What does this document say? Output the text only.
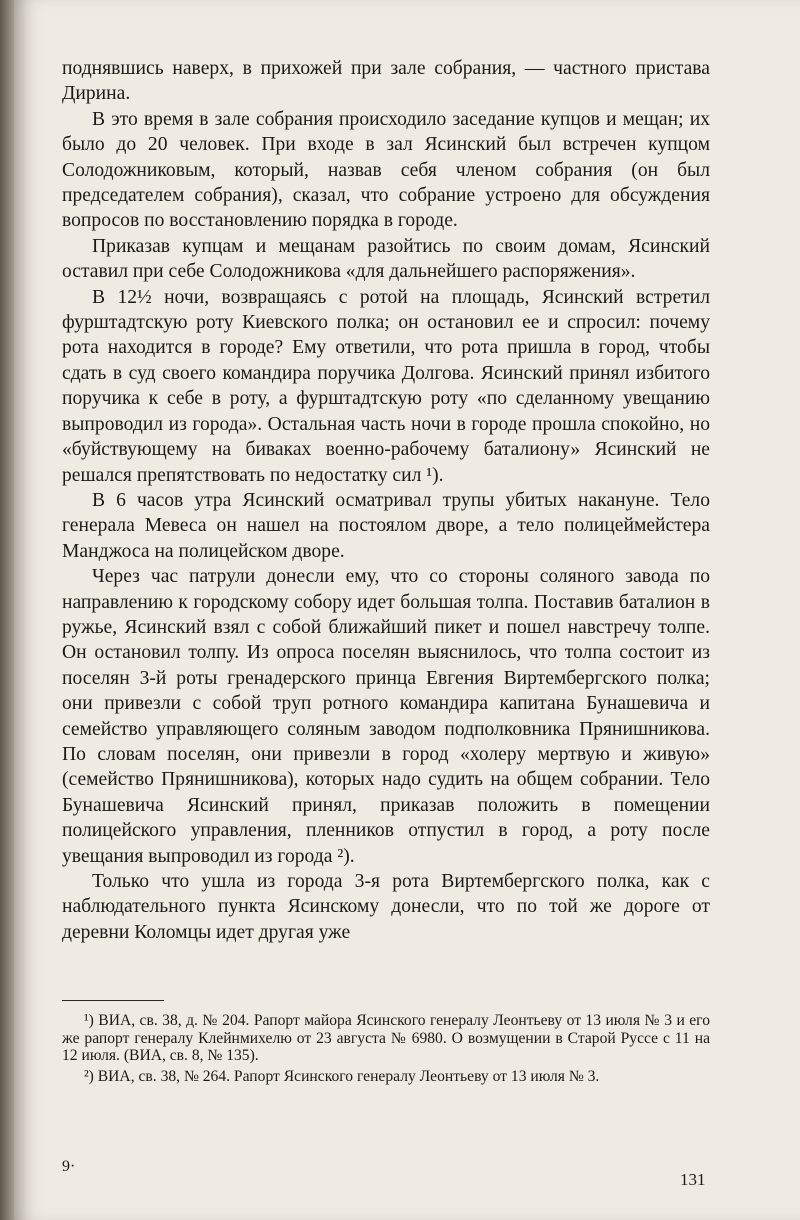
поднявшись наверх, в прихожей при зале собрания, — частного пристава Дирина.

В это время в зале собрания происходило заседание купцов и мещан; их было до 20 человек. При входе в зал Ясинский был встречен купцом Солодожниковым, который, назвав себя членом собрания (он был председателем собрания), сказал, что собрание устроено для обсуждения вопросов по восстановлению порядка в городе.

Приказав купцам и мещанам разойтись по своим домам, Ясинский оставил при себе Солодожникова «для дальнейшего распоряжения».

В 12½ ночи, возвращаясь с ротой на площадь, Ясинский встретил фурштадтскую роту Киевского полка; он остановил ее и спросил: почему рота находится в городе? Ему ответили, что рота пришла в город, чтобы сдать в суд своего командира поручика Долгова. Ясинский принял избитого поручика к себе в роту, а фурштадтскую роту «по сделанному увещанию выпроводил из города». Остальная часть ночи в городе прошла спокойно, но «буйствующему на биваках военно-рабочему баталиону» Ясинский не решался препятствовать по недостатку сил ¹).

В 6 часов утра Ясинский осматривал трупы убитых накануне. Тело генерала Мевеса он нашел на постоялом дворе, а тело полицеймейстера Манджоса на полицейском дворе.

Через час патрули донесли ему, что со стороны соляного завода по направлению к городскому собору идет большая толпа. Поставив баталион в ружье, Ясинский взял с собой ближайший пикет и пошел навстречу толпе. Он остановил толпу. Из опроса поселян выяснилось, что толпа состоит из поселян 3-й роты гренадерского принца Евгения Виртембергского полка; они привезли с собой труп ротного командира капитана Бунашевича и семейство управляющего соляным заводом подполковника Прянишникова. По словам поселян, они привезли в город «холеру мертвую и живую» (семейство Прянишникова), которых надо судить на общем собрании. Тело Бунашевича Ясинский принял, приказав положить в помещении полицейского управления, пленников отпустил в город, а роту после увещания выпроводил из города ²).

Только что ушла из города 3-я рота Виртембергского полка, как с наблюдательного пункта Ясинскому донесли, что по той же дороге от деревни Коломцы идет другая уже

¹) ВИА, св. 38, д. № 204. Рапорт майора Ясинского генералу Леонтьеву от 13 июля № 3 и его же рапорт генералу Клейнмихелю от 23 августа № 6980. О возмущении в Старой Руссе с 11 на 12 июля. (ВИА, св. 8, № 135).

²) ВИА, св. 38, № 264. Рапорт Ясинского генералу Леонтьеву от 13 июля № 3.

9·
131
